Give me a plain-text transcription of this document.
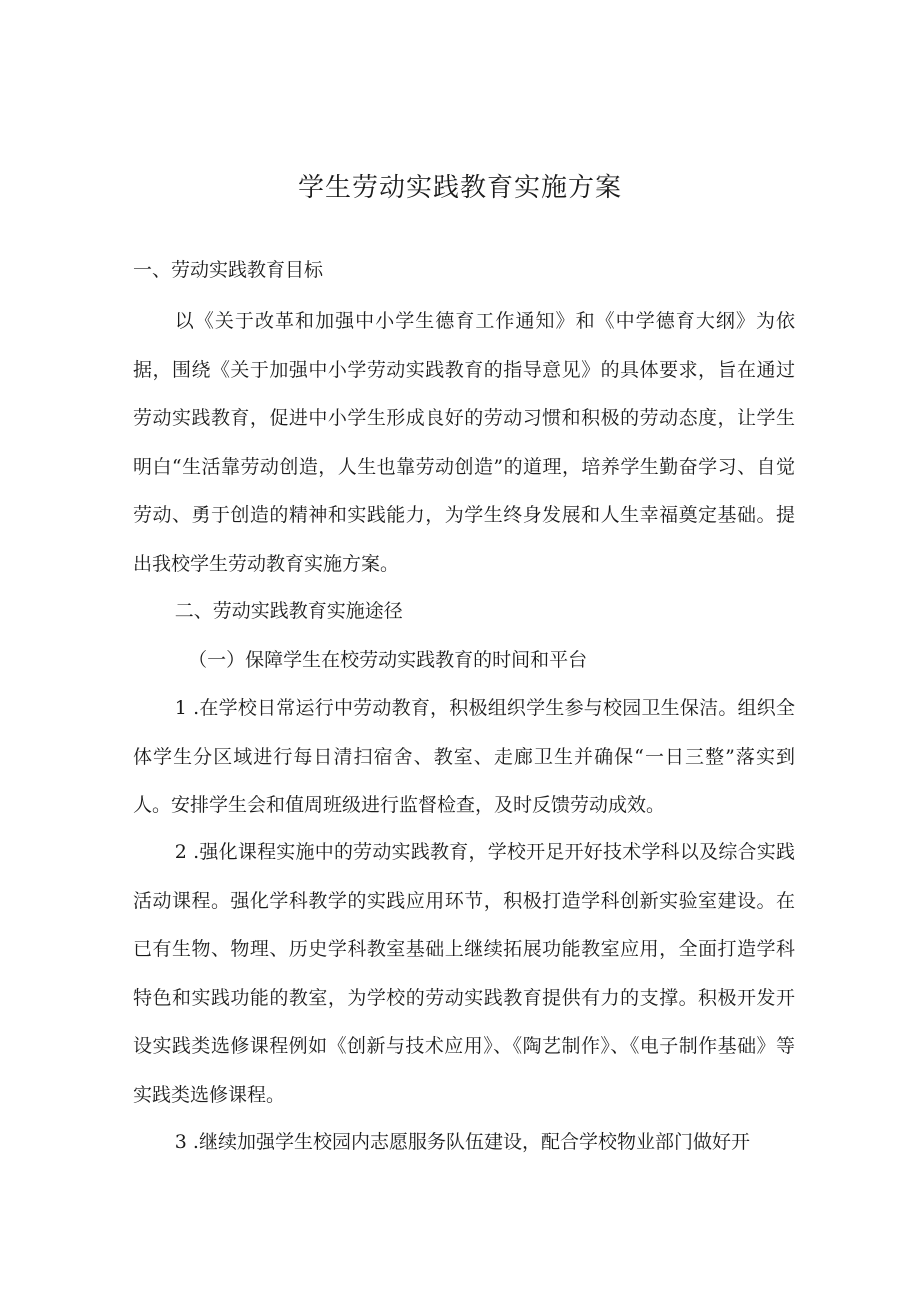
学生劳动实践教育实施方案
一、劳动实践教育目标

以《关于改革和加强中小学生德育工作通知》和《中学德育大纲》为依据，围绕《关于加强中小学劳动实践教育的指导意见》的具体要求，旨在通过劳动实践教育，促进中小学生形成良好的劳动习惯和积极的劳动态度，让学生明白“生活靠劳动创造，人生也靠劳动创造”的道理，培养学生勤奋学习、自觉劳动、勇于创造的精神和实践能力，为学生终身发展和人生幸福奠定基础。提出我校学生劳动教育实施方案。

二、劳动实践教育实施途径

（一）保障学生在校劳动实践教育的时间和平台

1 .在学校日常运行中劳动教育，积极组织学生参与校园卫生保洁。组织全体学生分区域进行每日清扫宿舍、教室、走廊卫生并确保“一日三整”落实到人。安排学生会和值周班级进行监督检查，及时反馈劳动成效。

2 .强化课程实施中的劳动实践教育，学校开足开好技术学科以及综合实践活动课程。强化学科教学的实践应用环节，积极打造学科创新实验室建设。在已有生物、物理、历史学科教室基础上继续拓展功能教室应用，全面打造学科特色和实践功能的教室，为学校的劳动实践教育提供有力的支撑。积极开发开设实践类选修课程例如《创新与技术应用》、《陶艺制作》、《电子制作基础》等实践类选修课程。

3 .继续加强学生校园内志愿服务队伍建设，配合学校物业部门做好开
